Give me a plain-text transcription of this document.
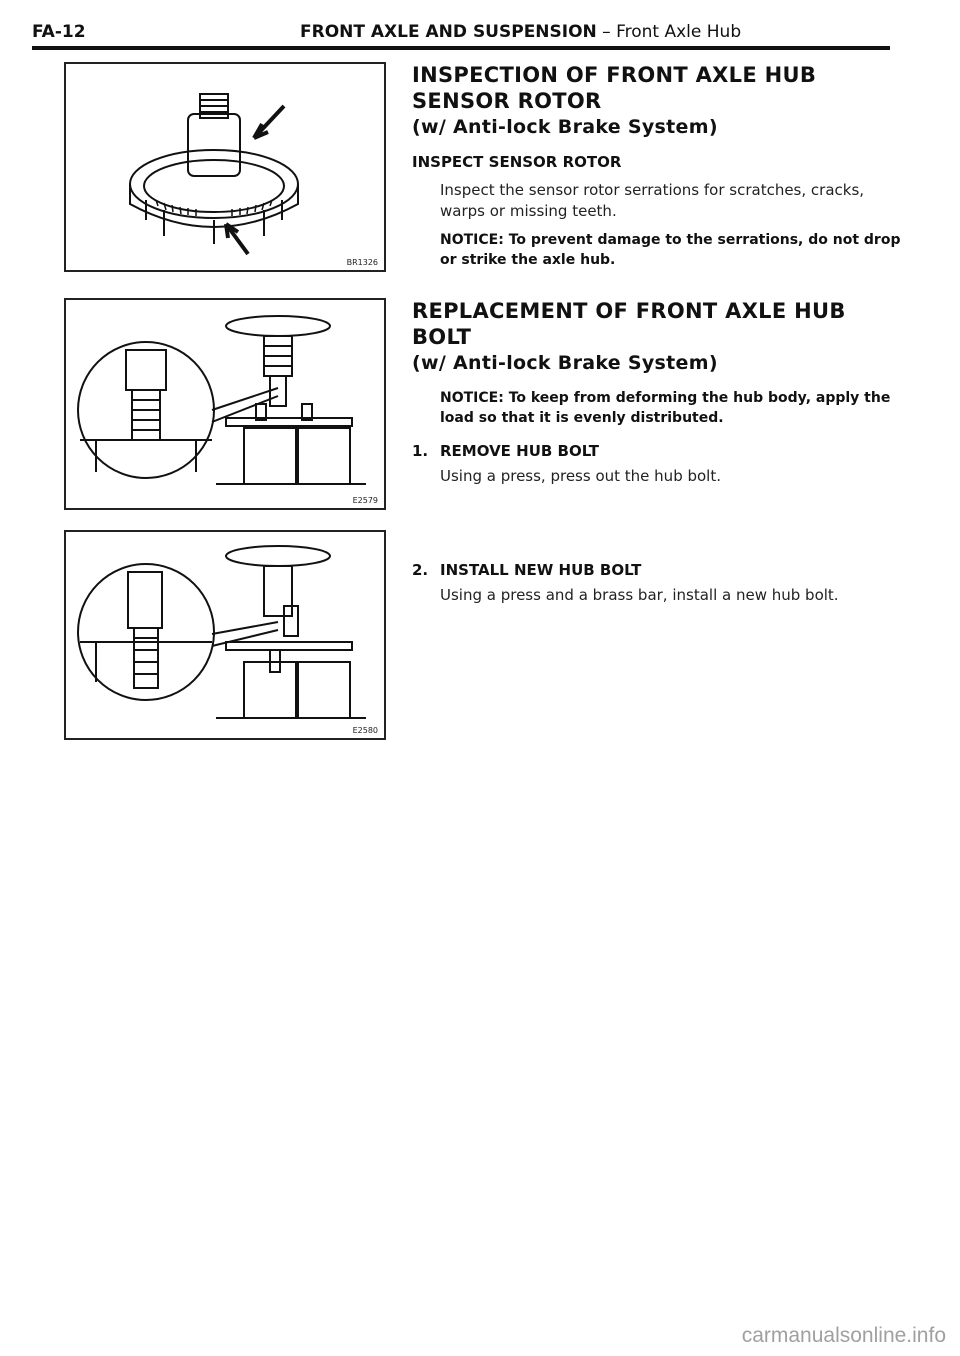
FA-12	FRONT AXLE AND SUSPENSION – Front Axle Hub
BR1326
E2579
E2580
INSPECTION OF FRONT AXLE HUB SENSOR ROTOR
(w/ Anti-lock Brake System)
INSPECT SENSOR ROTOR

Inspect the sensor rotor serrations for scratches, cracks, warps or missing teeth.

NOTICE: To prevent damage to the serrations, do not drop or strike the axle hub.

REPLACEMENT OF FRONT AXLE HUB BOLT
(w/ Anti-lock Brake System)

NOTICE: To keep from deforming the hub body, apply the load so that it is evenly distributed.

1. REMOVE HUB BOLT

Using a press, press out the hub bolt.

2. INSTALL NEW HUB BOLT

Using a press and a brass bar, install a new hub bolt.

carmanualsonline.info
